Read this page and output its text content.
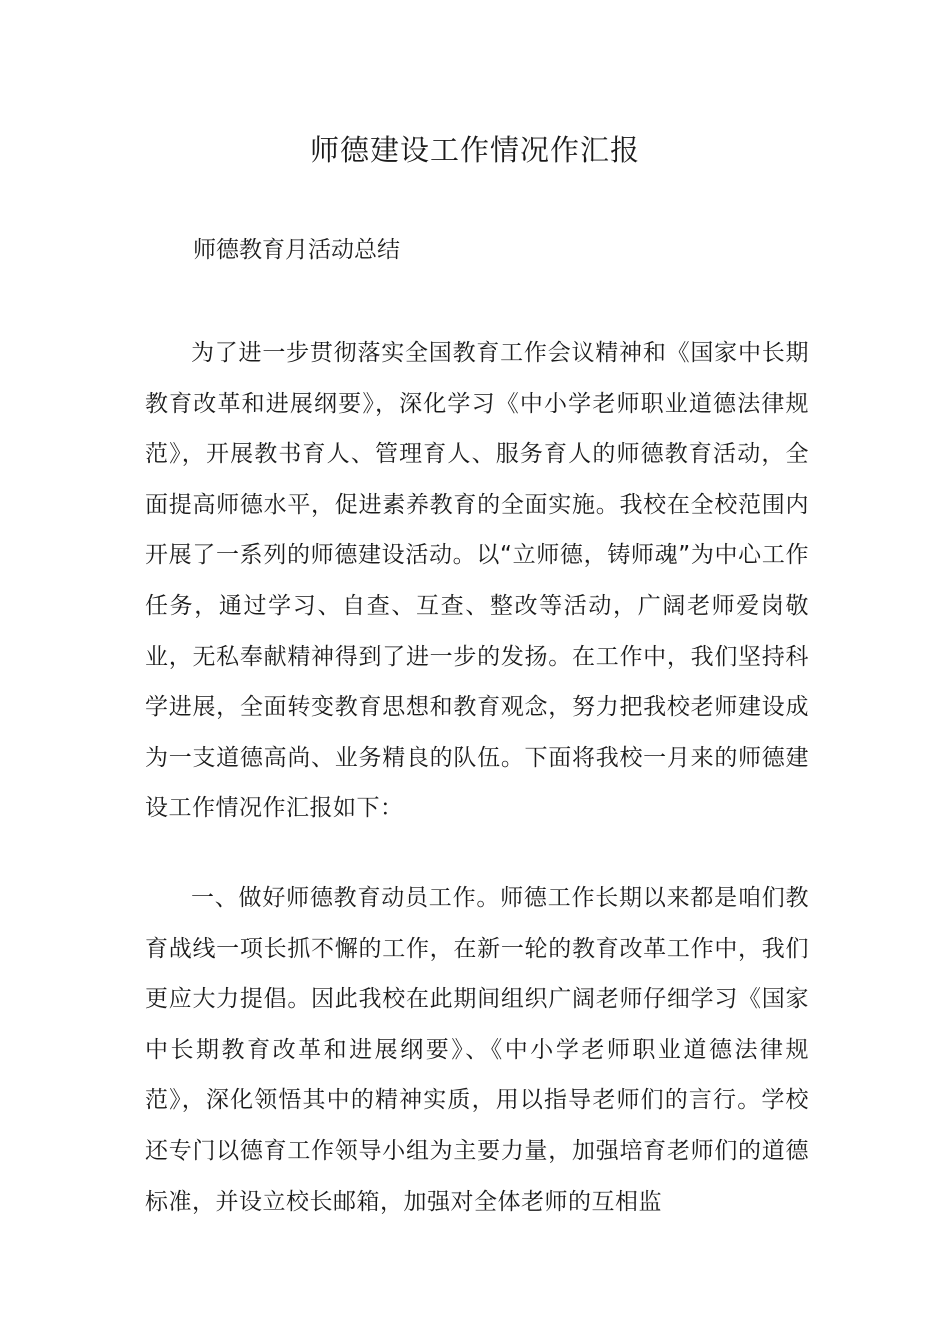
师德建设工作情况作汇报

师德教育月活动总结

为了进一步贯彻落实全国教育工作会议精神和《国家中长期教育改革和进展纲要》，深化学习《中小学老师职业道德法律规范》，开展教书育人、管理育人、服务育人的师德教育活动，全面提高师德水平，促进素养教育的全面实施。我校在全校范围内开展了一系列的师德建设活动。以“立师德，铸师魂”为中心工作任务，通过学习、自查、互查、整改等活动，广阔老师爱岗敬业，无私奉献精神得到了进一步的发扬。在工作中，我们坚持科学进展，全面转变教育思想和教育观念，努力把我校老师建设成为一支道德高尚、业务精良的队伍。下面将我校一月来的师德建设工作情况作汇报如下：

一、做好师德教育动员工作。师德工作长期以来都是咱们教育战线一项长抓不懈的工作，在新一轮的教育改革工作中，我们更应大力提倡。因此我校在此期间组织广阔老师仔细学习《国家中长期教育改革和进展纲要》、《中小学老师职业道德法律规范》，深化领悟其中的精神实质，用以指导老师们的言行。学校还专门以德育工作领导小组为主要力量，加强培育老师们的道德标准，并设立校长邮箱，加强对全体老师的互相监
